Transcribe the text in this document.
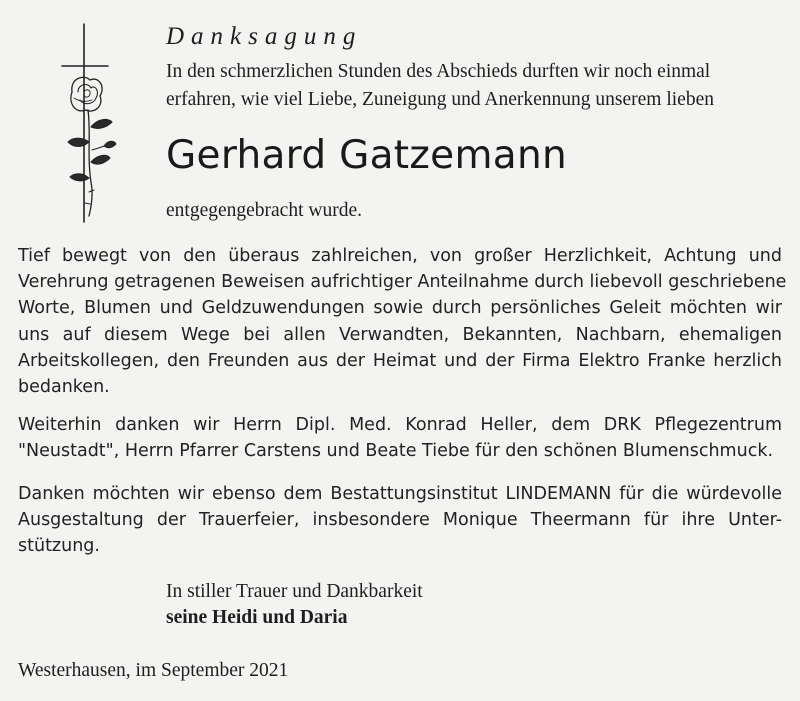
Danksagung

In den schmerzlichen Stunden des Abschieds durften wir noch einmal
erfahren, wie viel Liebe, Zuneigung und Anerkennung unserem lieben

Gerhard Gatzemann

entgegengebracht wurde.

Tief bewegt von den überaus zahlreichen, von großer Herzlichkeit, Achtung und
Verehrung getragenen Beweisen aufrichtiger Anteilnahme durch liebevoll geschriebene
Worte, Blumen und Geldzuwendungen sowie durch persönliches Geleit möchten wir
uns auf diesem Wege bei allen Verwandten, Bekannten, Nachbarn, ehemaligen
Arbeitskollegen, den Freunden aus der Heimat und der Firma Elektro Franke herzlich
bedanken.

Weiterhin danken wir Herrn Dipl. Med. Konrad Heller, dem DRK Pflegezentrum
"Neustadt", Herrn Pfarrer Carstens und Beate Tiebe für den schönen Blumenschmuck.

Danken möchten wir ebenso dem Bestattungsinstitut LINDEMANN für die würdevolle
Ausgestaltung der Trauerfeier, insbesondere Monique Theermann für ihre Unter-
stützung.

In stiller Trauer und Dankbarkeit

seine Heidi und Daria

Westerhausen, im September 2021
